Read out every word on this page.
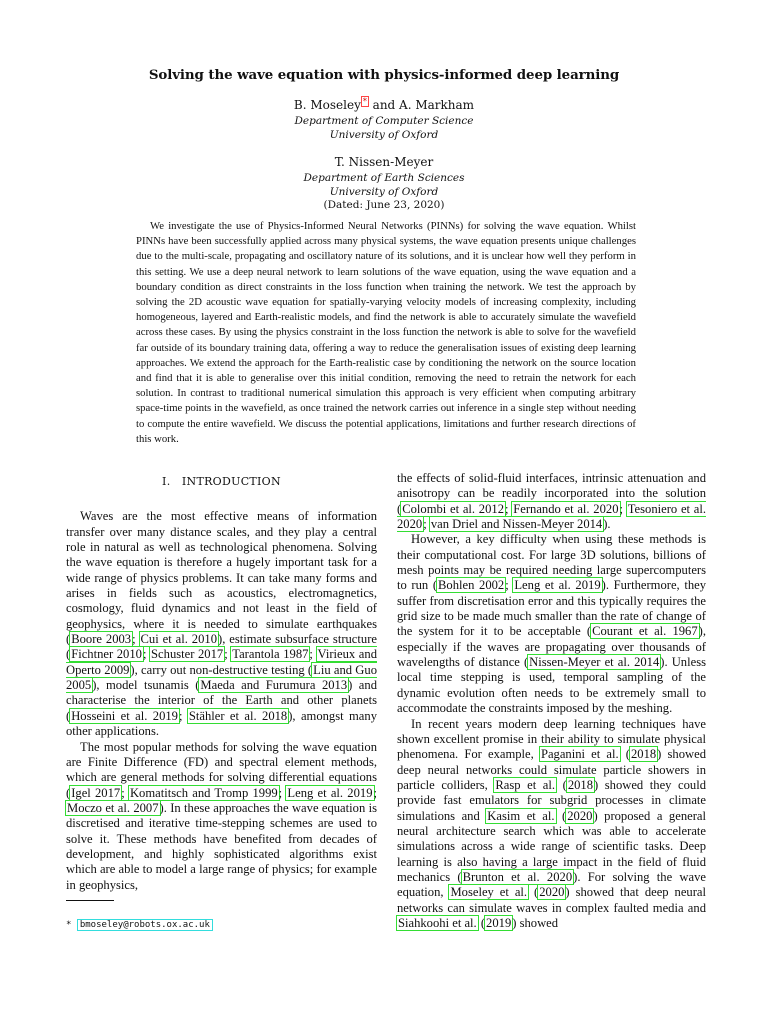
Solving the wave equation with physics-informed deep learning
B. Moseley * and A. Markham
Department of Computer Science
University of Oxford
T. Nissen-Meyer
Department of Earth Sciences
University of Oxford
(Dated: June 23, 2020)
We investigate the use of Physics-Informed Neural Networks (PINNs) for solving the wave equation. Whilst PINNs have been successfully applied across many physical systems, the wave equation presents unique challenges due to the multi-scale, propagating and oscillatory nature of its solutions, and it is unclear how well they perform in this setting. We use a deep neural network to learn solutions of the wave equation, using the wave equation and a boundary condition as direct constraints in the loss function when training the network. We test the approach by solving the 2D acoustic wave equation for spatially-varying velocity models of increasing complexity, including homogeneous, layered and Earth-realistic models, and find the network is able to accurately simulate the wavefield across these cases. By using the physics constraint in the loss function the network is able to solve for the wavefield far outside of its boundary training data, offering a way to reduce the generalisation issues of existing deep learning approaches. We extend the approach for the Earth-realistic case by conditioning the network on the source location and find that it is able to generalise over this initial condition, removing the need to retrain the network for each solution. In contrast to traditional numerical simulation this approach is very efficient when computing arbitrary space-time points in the wavefield, as once trained the network carries out inference in a single step without needing to compute the entire wavefield. We discuss the potential applications, limitations and further research directions of this work.
I. INTRODUCTION

Waves are the most effective means of information transfer over many distance scales, and they play a central role in natural as well as technological phenomena. Solving the wave equation is therefore a hugely important task for a wide range of physics problems. It can take many forms and arises in fields such as acoustics, electromagnetics, cosmology, fluid dynamics and not least in the field of geophysics, where it is needed to simulate earthquakes (Boore 2003; Cui et al. 2010), estimate subsurface structure (Fichtner 2010; Schuster 2017; Tarantola 1987; Virieux and Operto 2009), carry out non-destructive testing (Liu and Guo 2005), model tsunamis (Maeda and Furumura 2013) and characterise the interior of the Earth and other planets (Hosseini et al. 2019; Stähler et al. 2018), amongst many other applications.

The most popular methods for solving the wave equation are Finite Difference (FD) and spectral element methods, which are general methods for solving differential equations (Igel 2017; Komatitsch and Tromp 1999; Leng et al. 2019; Moczo et al. 2007). In these approaches the wave equation is discretised and iterative time-stepping schemes are used to solve it. These methods have benefited from decades of development, and highly sophisticated algorithms exist which are able to model a large range of physics; for example in geophysics,

the effects of solid-fluid interfaces, intrinsic attenuation and anisotropy can be readily incorporated into the solution (Colombi et al. 2012; Fernando et al. 2020; Tesoniero et al. 2020; van Driel and Nissen-Meyer 2014).

However, a key difficulty when using these methods is their computational cost. For large 3D solutions, billions of mesh points may be required needing large supercomputers to run (Bohlen 2002; Leng et al. 2019). Furthermore, they suffer from discretisation error and this typically requires the grid size to be made much smaller than the rate of change of the system for it to be acceptable (Courant et al. 1967), especially if the waves are propagating over thousands of wavelengths of distance (Nissen-Meyer et al. 2014). Unless local time stepping is used, temporal sampling of the dynamic evolution often needs to be extremely small to accommodate the constraints imposed by the meshing.

In recent years modern deep learning techniques have shown excellent promise in their ability to simulate physical phenomena. For example, Paganini et al. (2018) showed deep neural networks could simulate particle showers in particle colliders, Rasp et al. (2018) showed they could provide fast emulators for subgrid processes in climate simulations and Kasim et al. (2020) proposed a general neural architecture search which was able to accelerate simulations across a wide range of scientific tasks. Deep learning is also having a large impact in the field of fluid mechanics (Brunton et al. 2020). For solving the wave equation, Moseley et al. (2020) showed that deep neural networks can simulate waves in complex faulted media and Siahkoohi et al. (2019) showed

* bmoseley@robots.ox.ac.uk
